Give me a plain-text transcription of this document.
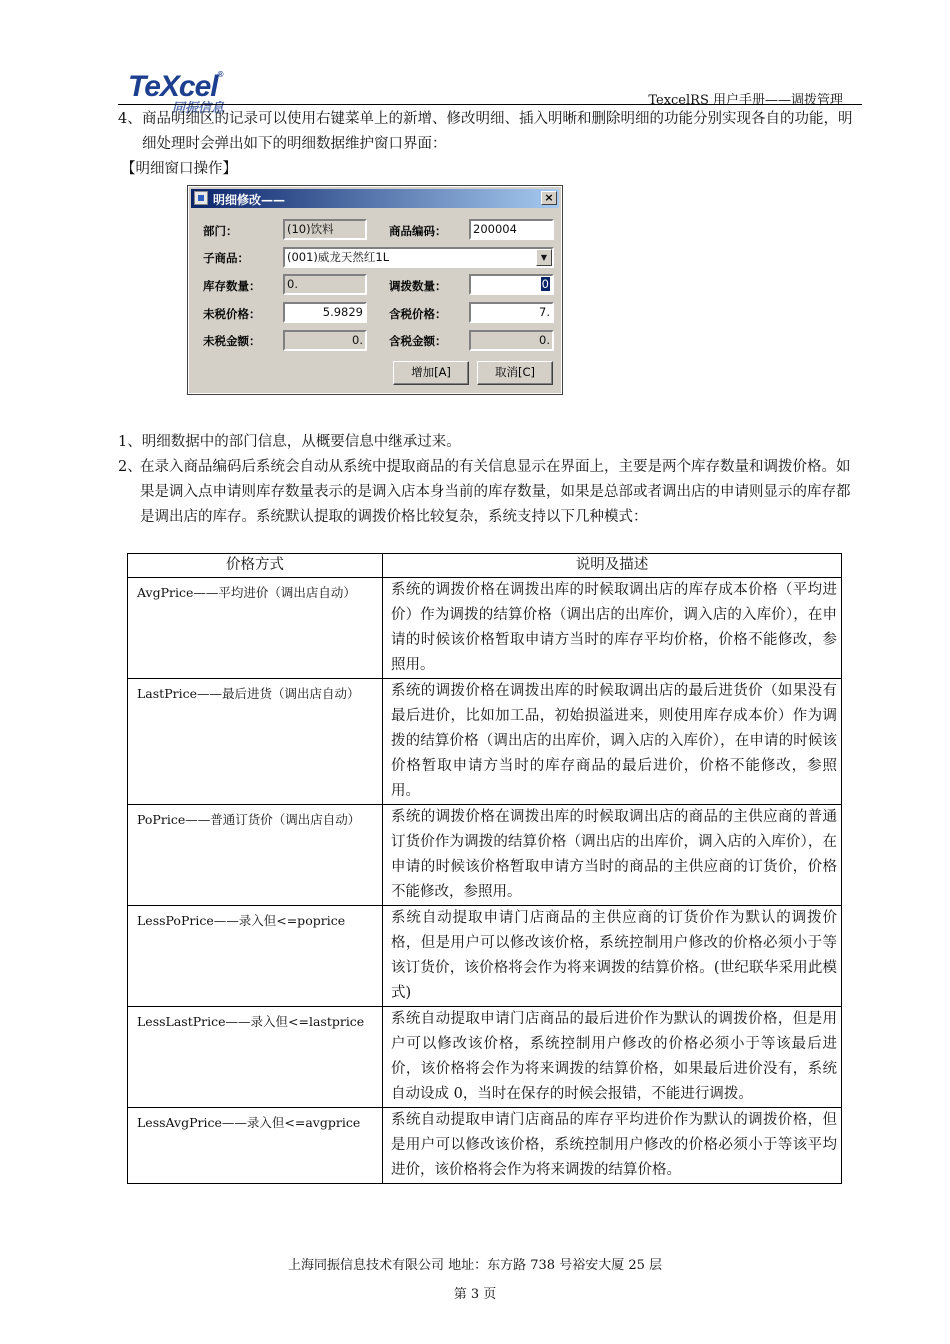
TeXcel®
同振信息	TexcelRS 用户手册——调拨管理
4、 商品明细区的记录可以使用右键菜单上的新增、修改明细、插入明晰和删除明细的功能分别实现各自的功能，明细处理时会弹出如下的明细数据维护窗口界面：
【明细窗口操作】
明细修改——	×
部门：	(10)饮料	商品编码：	200004
子商品：	(001)威龙天然红1L	▼
库存数量：	0.	调拨数量：	0
未税价格：	5.9829	含税价格：	7.
未税金额：	0.	含税金额：	0.
增加[A]	取消[C]
1、明细数据中的部门信息，从概要信息中继承过来。
2、
在录入商品编码后系统会自动从系统中提取商品的有关信息显示在界面上，主要是两个库存数量和调拨价格。如果是调入点申请则库存数量表示的是调入店本身当前的库存数量，如果是总部或者调出店的申请则显示的库存都是调出店的库存。系统默认提取的调拨价格比较复杂，系统支持以下几种模式：
价格方式	说明及描述
AvgPrice——平均进价（调出店自动）	系统的调拨价格在调拨出库的时候取调出店的库存成本价格（平均进价）作为调拨的结算价格（调出店的出库价，调入店的入库价），在申请的时候该价格暂取申请方当时的库存平均价格，价格不能修改，参照用。
LastPrice——最后进货（调出店自动）	系统的调拨价格在调拨出库的时候取调出店的最后进货价（如果没有最后进价，比如加工品，初始损溢进来，则使用库存成本价）作为调拨的结算价格（调出店的出库价，调入店的入库价），在申请的时候该价格暂取申请方当时的库存商品的最后进价，价格不能修改，参照用。
PoPrice——普通订货价（调出店自动）	系统的调拨价格在调拨出库的时候取调出店的商品的主供应商的普通订货价作为调拨的结算价格（调出店的出库价，调入店的入库价），在申请的时候该价格暂取申请方当时的商品的主供应商的订货价，价格不能修改，参照用。
LessPoPrice——录入但<=poprice	系统自动提取申请门店商品的主供应商的订货价作为默认的调拨价格，但是用户可以修改该价格，系统控制用户修改的价格必须小于等该订货价，该价格将会作为将来调拨的结算价格。(世纪联华采用此模式)
LessLastPrice——录入但<=lastprice	系统自动提取申请门店商品的最后进价作为默认的调拨价格，但是用户可以修改该价格，系统控制用户修改的价格必须小于等该最后进价，该价格将会作为将来调拨的结算价格，如果最后进价没有，系统自动设成 0，当时在保存的时候会报错，不能进行调拨。
LessAvgPrice——录入但<=avgprice	系统自动提取申请门店商品的库存平均进价作为默认的调拨价格，但是用户可以修改该价格，系统控制用户修改的价格必须小于等该平均进价，该价格将会作为将来调拨的结算价格。
上海同振信息技术有限公司 地址：东方路 738 号裕安大厦 25 层
第 3 页
